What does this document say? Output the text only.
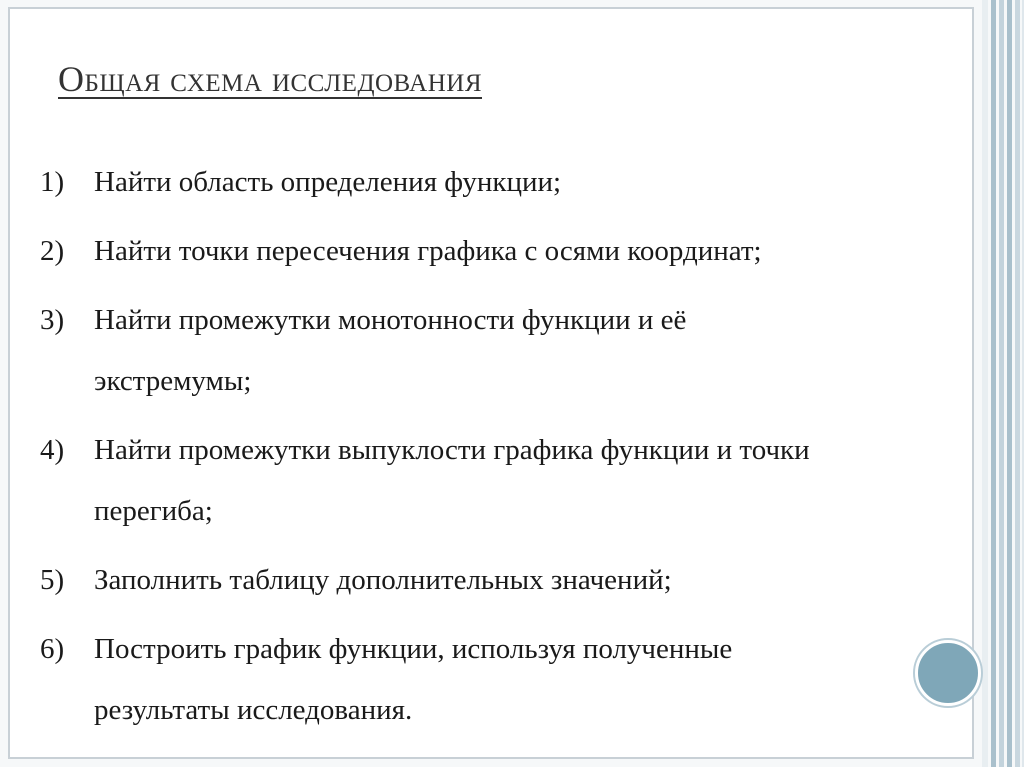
Общая схема исследования
1)	Найти область определения функции;
2)	Найти точки пересечения графика с осями координат;
3)	Найти промежутки монотонности функции и её
экстремумы;
4)	Найти промежутки выпуклости графика функции и точки
перегиба;
5)	Заполнить таблицу дополнительных значений;
6)	Построить график функции, используя полученные
результаты исследования.
